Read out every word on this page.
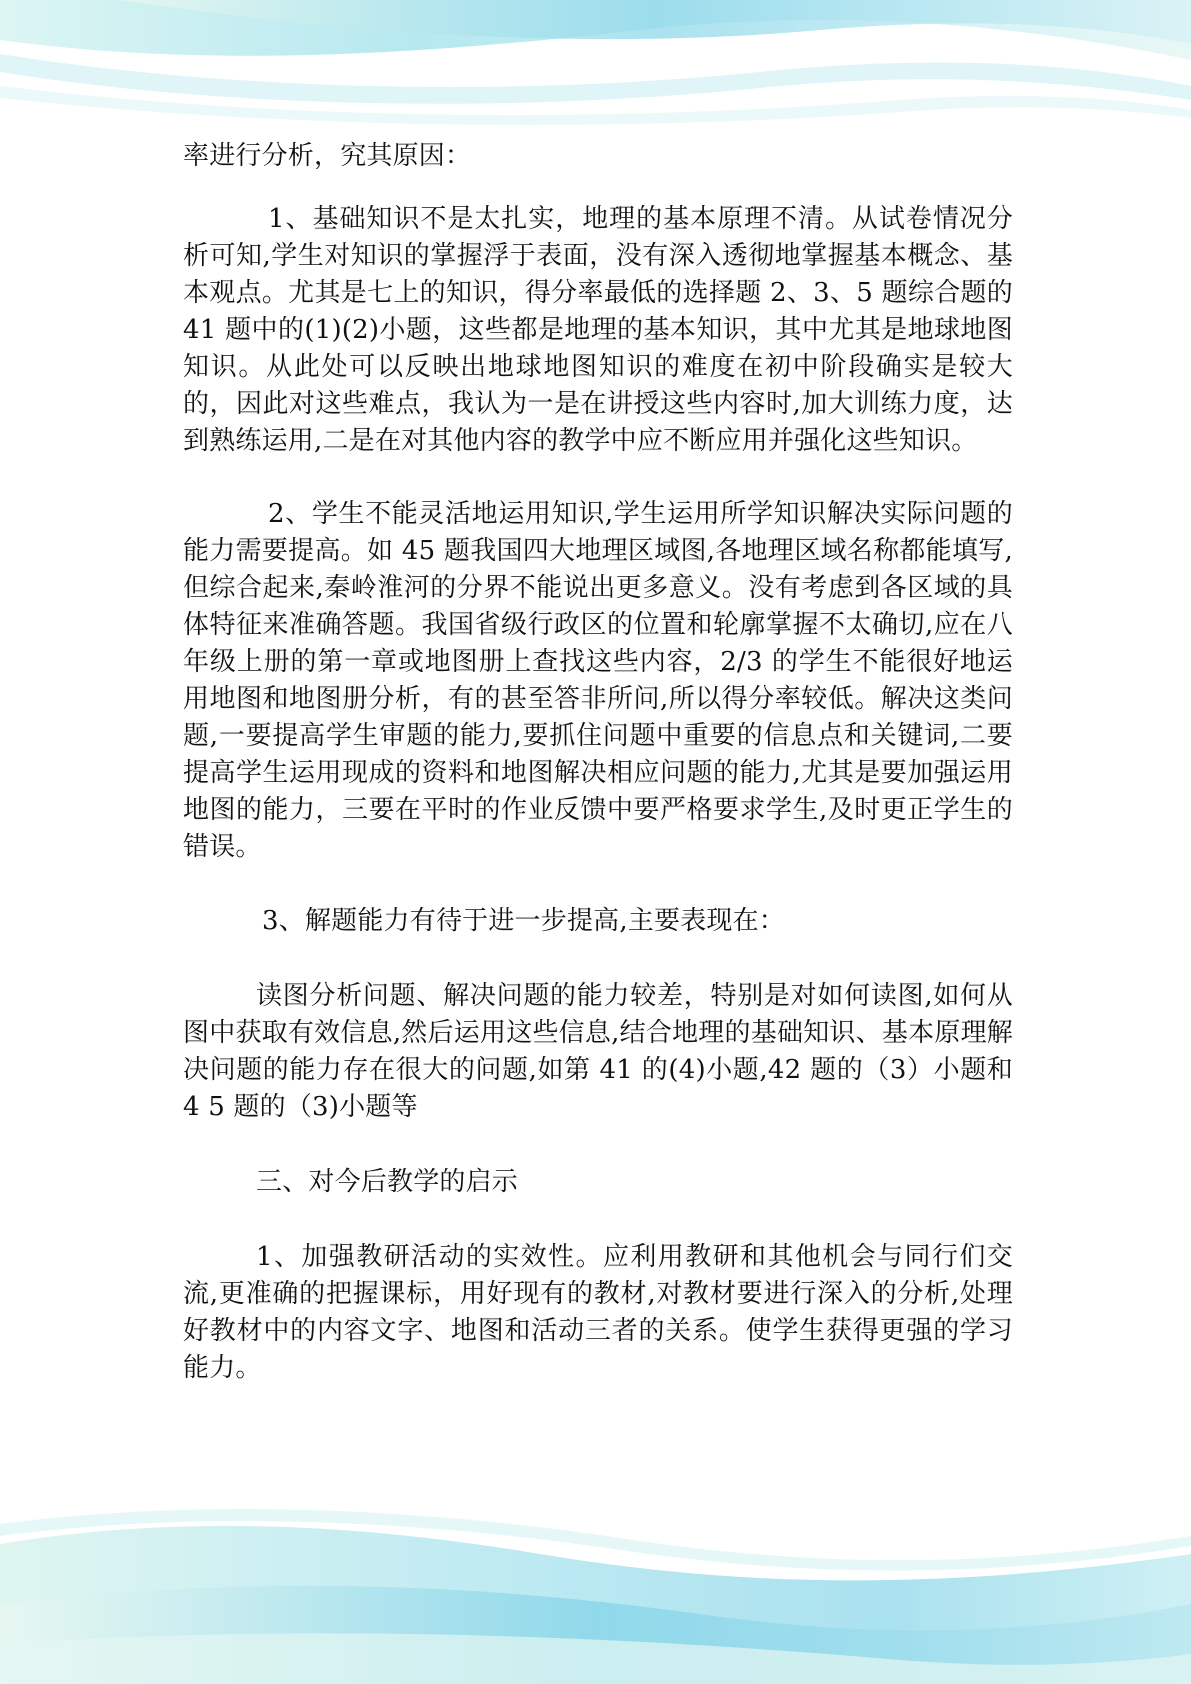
率进行分析，究其原因：

1、基础知识不是太扎实，地理的基本原理不清。从试卷情况分析可知,学生对知识的掌握浮于表面，没有深入透彻地掌握基本概念、基本观点。尤其是七上的知识，得分率最低的选择题 2、3、5 题综合题的 41 题中的(1)(2)小题，这些都是地理的基本知识，其中尤其是地球地图知识。从此处可以反映出地球地图知识的难度在初中阶段确实是较大的，因此对这些难点，我认为一是在讲授这些内容时,加大训练力度，达到熟练运用,二是在对其他内容的教学中应不断应用并强化这些知识。

2、学生不能灵活地运用知识,学生运用所学知识解决实际问题的能力需要提高。如 45 题我国四大地理区域图,各地理区域名称都能填写,但综合起来,秦岭淮河的分界不能说出更多意义。没有考虑到各区域的具体特征来准确答题。我国省级行政区的位置和轮廓掌握不太确切,应在八年级上册的第一章或地图册上查找这些内容，2/3 的学生不能很好地运用地图和地图册分析，有的甚至答非所问,所以得分率较低。解决这类问题,一要提高学生审题的能力,要抓住问题中重要的信息点和关键词,二要提高学生运用现成的资料和地图解决相应问题的能力,尤其是要加强运用地图的能力，三要在平时的作业反馈中要严格要求学生,及时更正学生的错误。

3、解题能力有待于进一步提高,主要表现在：

读图分析问题、解决问题的能力较差，特别是对如何读图,如何从图中获取有效信息,然后运用这些信息,结合地理的基础知识、基本原理解决问题的能力存在很大的问题,如第 41 的(4)小题,42 题的（3）小题和 4 5 题的（3)小题等

三、对今后教学的启示

1、加强教研活动的实效性。应利用教研和其他机会与同行们交流,更准确的把握课标，用好现有的教材,对教材要进行深入的分析,处理好教材中的内容文字、地图和活动三者的关系。使学生获得更强的学习能力。
